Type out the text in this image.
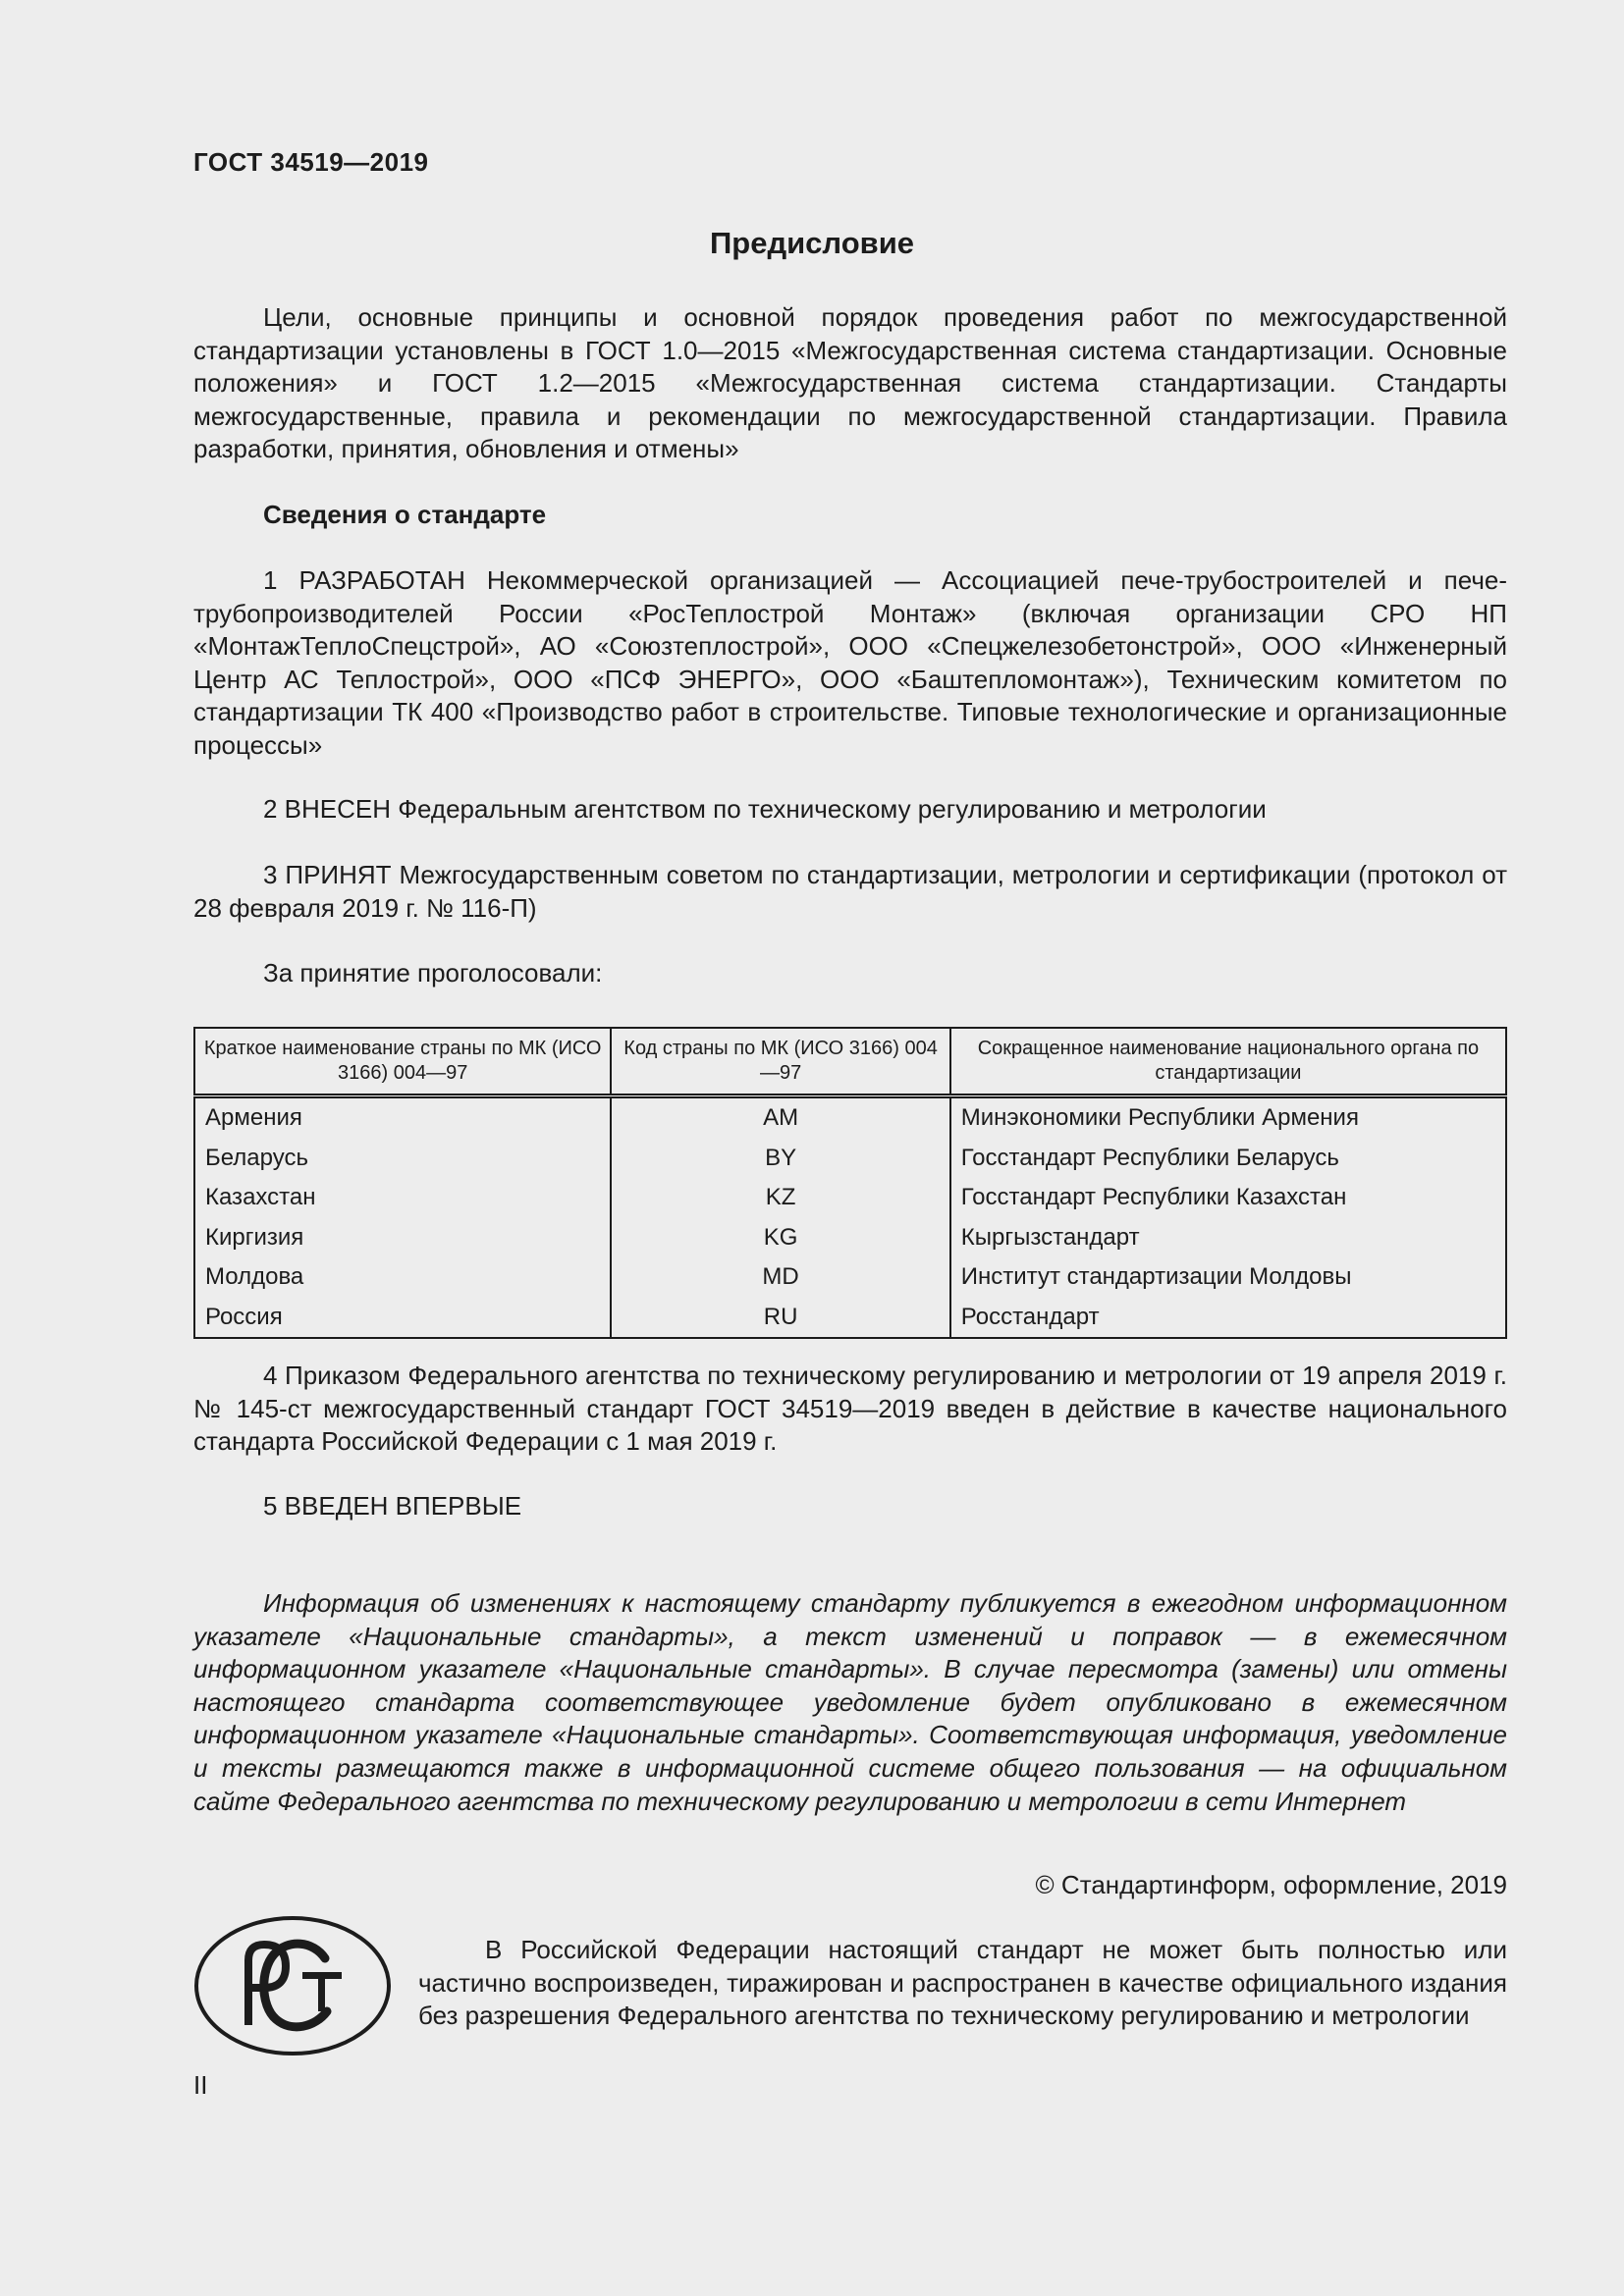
ГОСТ 34519—2019
Предисловие

Цели, основные принципы и основной порядок проведения работ по межгосударственной стандартизации установлены в ГОСТ 1.0—2015 «Межгосударственная система стандартизации. Основные положения» и ГОСТ 1.2—2015 «Межгосударственная система стандартизации. Стандарты межгосударственные, правила и рекомендации по межгосударственной стандартизации. Правила разработки, принятия, обновления и отмены»

Сведения о стандарте

1 РАЗРАБОТАН Некоммерческой организацией — Ассоциацией пече-трубостроителей и пече-трубопроизводителей России «РосТеплострой Монтаж» (включая организации СРО НП «МонтажТеплоСпецстрой», АО «Союзтеплострой», ООО «Спецжелезобетонстрой», ООО «Инженерный Центр АС Теплострой», ООО «ПСФ ЭНЕРГО», ООО «Баштепломонтаж»), Техническим комитетом по стандартизации ТК 400 «Производство работ в строительстве. Типовые технологические и организационные процессы»

2 ВНЕСЕН Федеральным агентством по техническому регулированию и метрологии

3 ПРИНЯТ Межгосударственным советом по стандартизации, метрологии и сертификации (протокол от 28 февраля 2019 г. № 116-П)

За принятие проголосовали:

Краткое наименование страны по МК (ИСО 3166) 004—97	Код страны по МК (ИСО 3166) 004—97	Сокращенное наименование национального органа по стандартизации
Армения	AM	Минэкономики Республики Армения
Беларусь	BY	Госстандарт Республики Беларусь
Казахстан	KZ	Госстандарт Республики Казахстан
Киргизия	KG	Кыргызстандарт
Молдова	MD	Институт стандартизации Молдовы
Россия	RU	Росстандарт

4 Приказом Федерального агентства по техническому регулированию и метрологии от 19 апреля 2019 г. № 145-ст межгосударственный стандарт ГОСТ 34519—2019 введен в действие в качестве национального стандарта Российской Федерации с 1 мая 2019 г.

5 ВВЕДЕН ВПЕРВЫЕ

Информация об изменениях к настоящему стандарту публикуется в ежегодном информационном указателе «Национальные стандарты», а текст изменений и поправок — в ежемесячном информационном указателе «Национальные стандарты». В случае пересмотра (замены) или отмены настоящего стандарта соответствующее уведомление будет опубликовано в ежемесячном информационном указателе «Национальные стандарты». Соответствующая информация, уведомление и тексты размещаются также в информационной системе общего пользования — на официальном сайте Федерального агентства по техническому регулированию и метрологии в сети Интернет

© Стандартинформ, оформление, 2019

В Российской Федерации настоящий стандарт не может быть полностью или частично воспроизведен, тиражирован и распространен в качестве официального издания без разрешения Федерального агентства по техническому регулированию и метрологии

II
